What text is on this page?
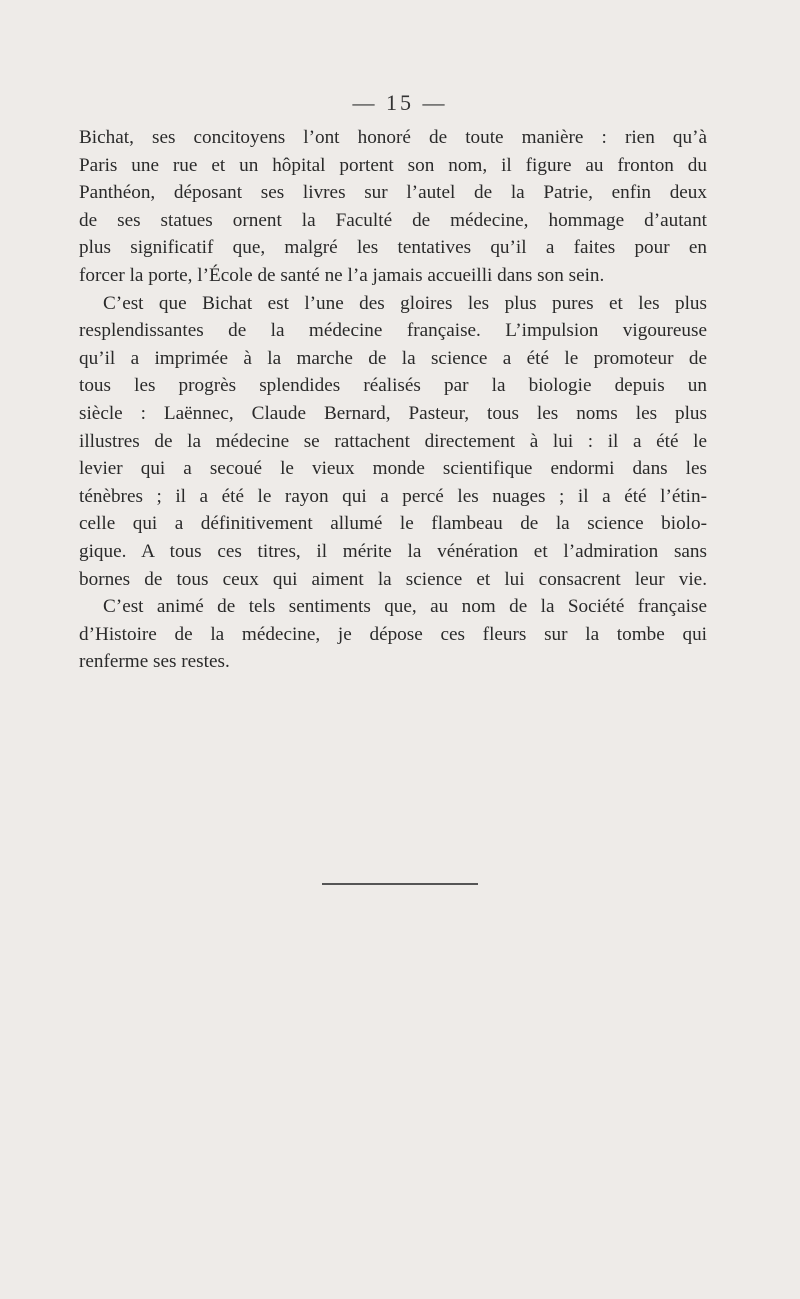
— 15 —
Bichat, ses concitoyens l’ont honoré de toute manière : rien qu’à
Paris une rue et un hôpital portent son nom, il figure au fronton du
Panthéon, déposant ses livres sur l’autel de la Patrie, enfin deux
de ses statues ornent la Faculté de médecine, hommage d’autant
plus significatif que, malgré les tentatives qu’il a faites pour en
forcer la porte, l’École de santé ne l’a jamais accueilli dans son sein.
C’est que Bichat est l’une des gloires les plus pures et les plus
resplendissantes de la médecine française. L’impulsion vigoureuse
qu’il a imprimée à la marche de la science a été le promoteur de
tous les progrès splendides réalisés par la biologie depuis un
siècle : Laënnec, Claude Bernard, Pasteur, tous les noms les plus
illustres de la médecine se rattachent directement à lui : il a été le
levier qui a secoué le vieux monde scientifique endormi dans les
ténèbres ; il a été le rayon qui a percé les nuages ; il a été l’étin-
celle qui a définitivement allumé le flambeau de la science biolo-
gique. A tous ces titres, il mérite la vénération et l’admiration sans
bornes de tous ceux qui aiment la science et lui consacrent leur vie.
C’est animé de tels sentiments que, au nom de la Société française
d’Histoire de la médecine, je dépose ces fleurs sur la tombe qui
renferme ses restes.
